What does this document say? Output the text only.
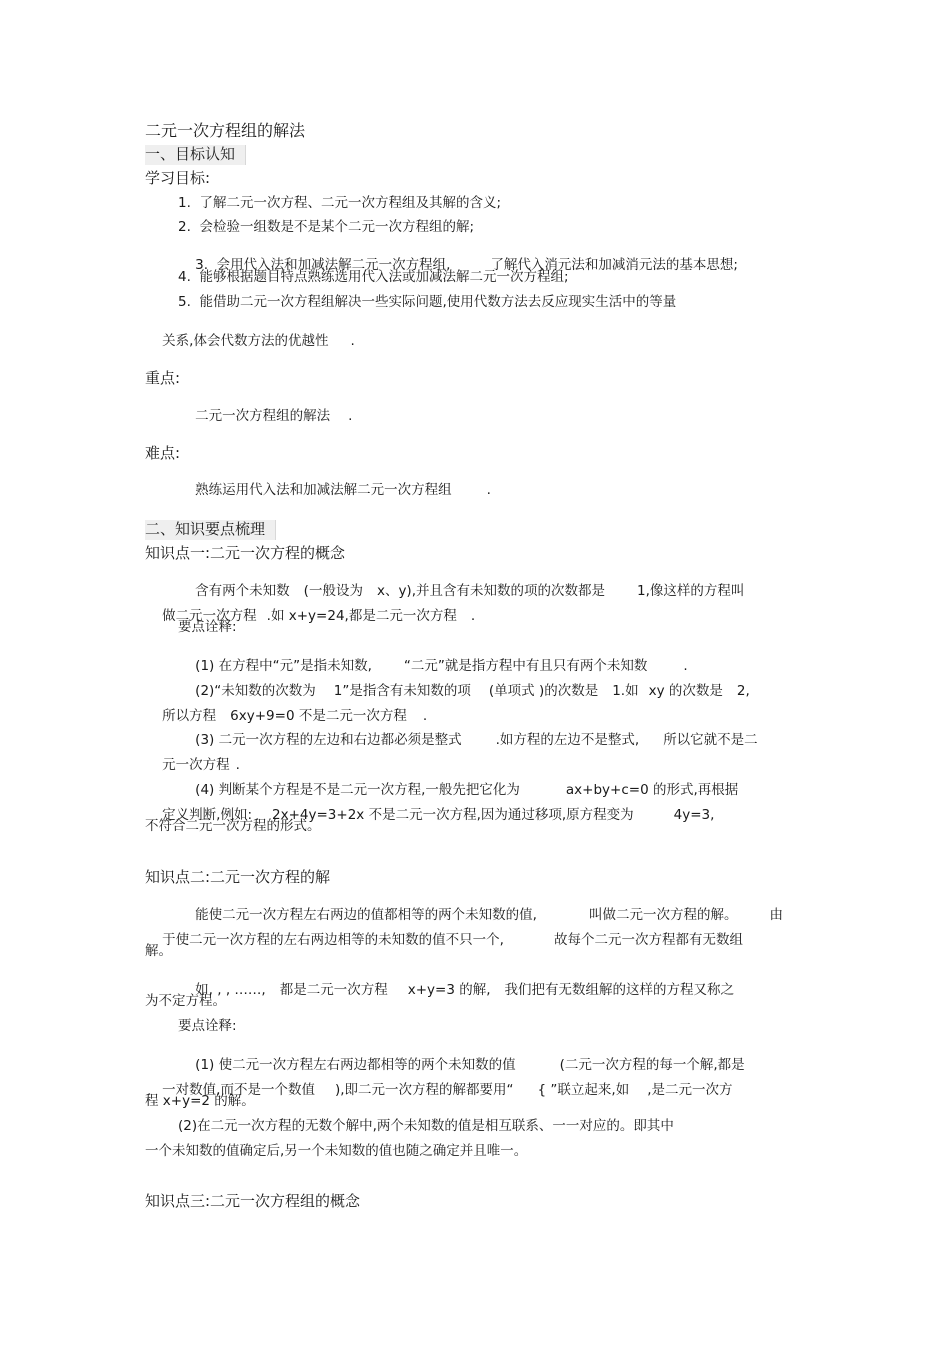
二元一次方程组的解法
一、目标认知
学习目标:
1.  了解二元一次方程、二元一次方程组及其解的含义;
2.  会检验一组数是不是某个二元一次方程组的解;

3.  会用代入法和加减法解二元一次方程组,	了解代入消元法和加减消元法的基本思想;

4.  能够根据题目特点熟练选用代入法或加减法解二元一次方程组;
5.  能借助二元一次方程组解决一些实际问题,使用代数方法去反应现实生活中的等量

关系,体会代数方法的优越性 .

重点:

二元一次方程组的解法 .

难点:

熟练运用代入法和加减法解二元一次方程组	.

二、知识要点梳理
知识点一:二元一次方程的概念

含有两个未知数 (一般设为 x、y),并且含有未知数的项的次数都是 1,像这样的方程叫

做二元一次方程 .如 x+y=24,都是二元一次方程 .

要点诠释:

(1) 在方程中“元”是指未知数, “二元”就是指方程中有且只有两个未知数	.

(2)“未知数的次数为 1”是指含有未知数的项 (单项式 )的次数是 1.如 xy 的次数是 2,

所以方程 6xy+9=0 不是二元一次方程 .

(3) 二元一次方程的左边和右边都必须是整式	.如方程的左边不是整式, 所以它就不是二

元一次方程 .

(4) 判断某个方程是不是二元一次方程,一般先把它化为	ax+by+c=0 的形式,再根据

定义判断,例如: 2x+4y=3+2x 不是二元一次方程,因为通过移项,原方程变为	4y=3,

不符合二元一次方程的形式。
知识点二:二元一次方程的解

能使二元一次方程左右两边的值都相等的两个未知数的值,	叫做二元一次方程的解。 由

于使二元一次方程的左右两边相等的未知数的值不只一个,	故每个二元一次方程都有无数组

解。

如, , , ……, 都是二元一次方程 x+y=3 的解, 我们把有无数组解的这样的方程又称之

为不定方程。
要点诠释:

(1) 使二元一次方程左右两边都相等的两个未知数的值	(二元一次方程的每一个解,都是

一对数值,而不是一个数值 ),即二元一次方程的解都要用“ { ”联立起来,如 ,是二元一次方

程 x+y=2 的解。
(2)在二元一次方程的无数个解中,两个未知数的值是相互联系、一一对应的。即其中
一个未知数的值确定后,另一个未知数的值也随之确定并且唯一。
知识点三:二元一次方程组的概念
